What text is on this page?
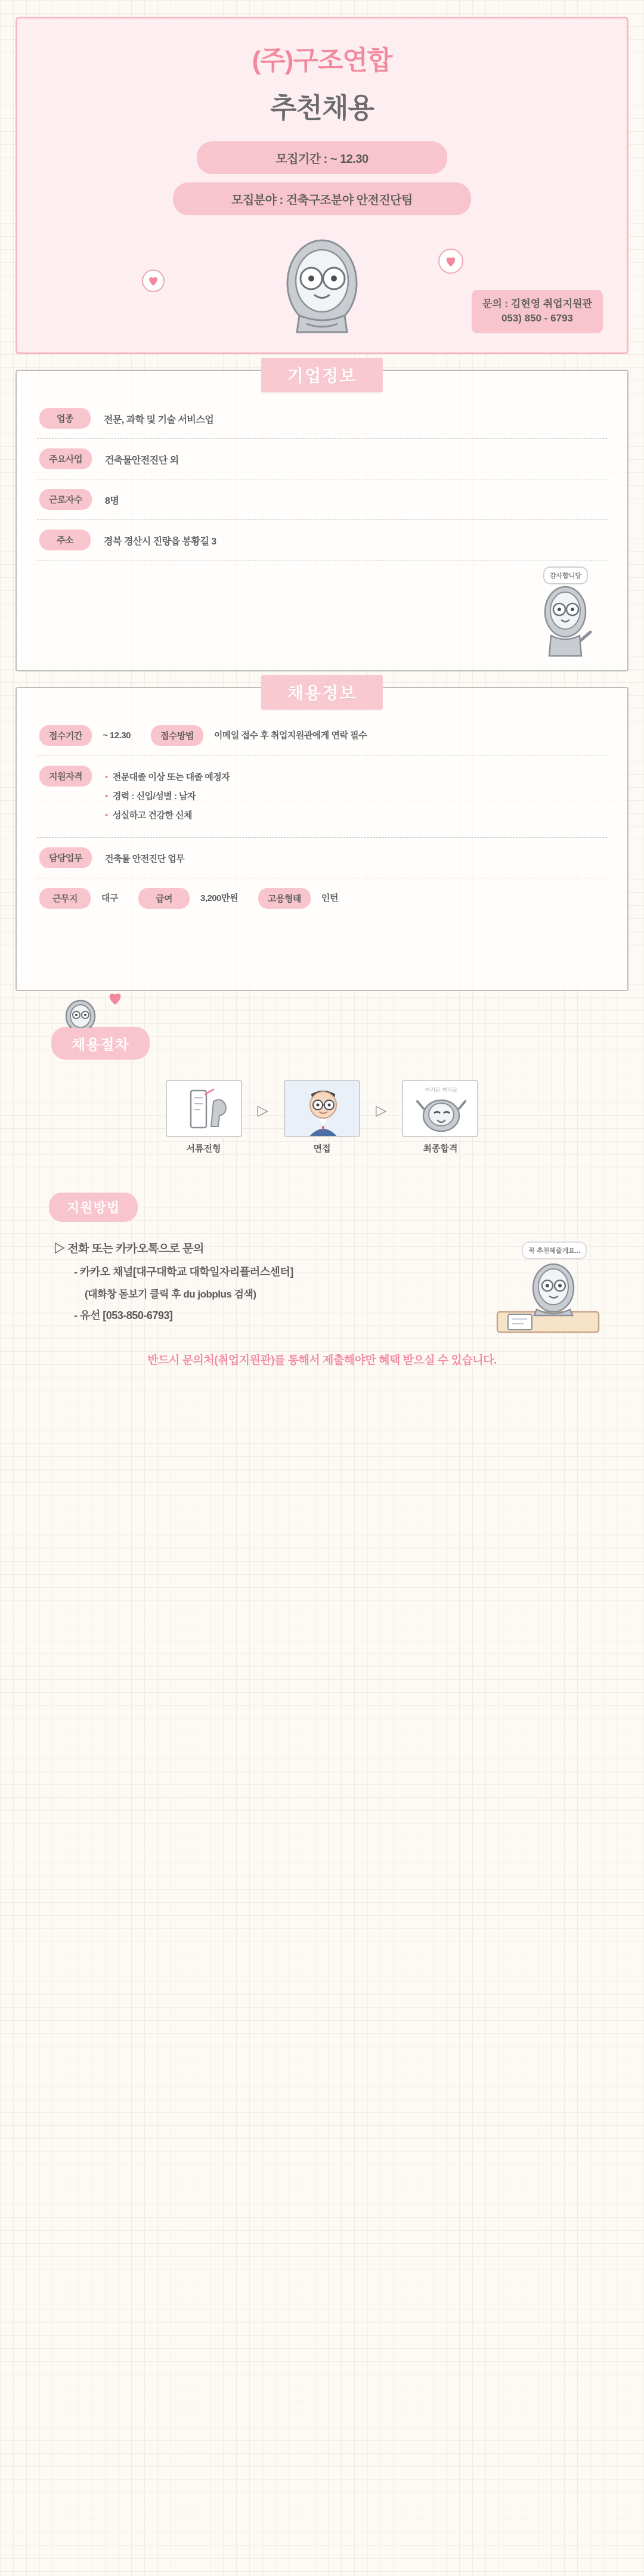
(주)구조연합
추천채용
모집기간 : ~ 12.30
모집분야 : 건축구조분야 안전진단팀
문의 : 김현영 취업지원관
053) 850 - 6793
기업정보
업종	전문, 과학 및 기술 서비스업
주요사업	건축물안전진단 외
근로자수	8명
주소	경북 경산시 진량읍 봉황길 3
감사합니당
채용정보
접수기간	~ 12.30	접수방법	이메일 접수 후 취업지원관에게 연락 필수
지원자격	• 전문대졸 이상 또는 대졸 예정자
• 경력 : 신입/성별 : 남자
• 성실하고 건강한 신체
담당업무	건축물 안전진단 업무
근무지	대구	급여	3,200만원	고용형태	인턴
채용절차
서류전형
▷
면접
▷
여러분 여러분
최종합격
지원방법
▷ 전화 또는 카카오톡으로 문의
- 카카오 채널[대구대학교 대학일자리플러스센터]
(대화창 돋보기 클릭 후 du jobplus 검색)
- 유선 [053-850-6793]
꼭 추천해줄게요...
반드시 문의처(취업지원관)를 통해서 제출해야만 혜택 받으실 수 있습니다.
